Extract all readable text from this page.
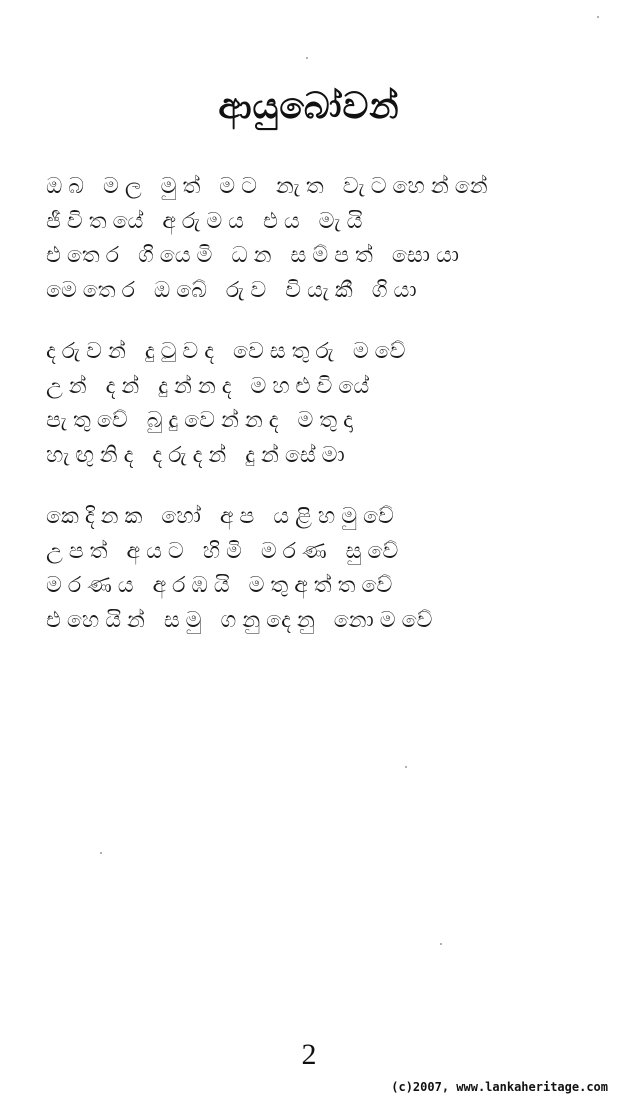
ආයුබෝවන්
ඔබ මල මුත් මට නැත වැටහෙන්නේ
ජීවිතයේ අරුමය එය මැයි
එතෙර ගියෙමි ධන සම්පත් සොයා
මෙතෙර ඔබේ රුව වියැකී ගියා
දරුවන් දුටුවද වෙසතුරු මවේ
උන් දන් දුන්නද මහළුවියේ
පැතුවේ බුදුවෙන්නද මතුදා
හැඟුනිද දරුදන් දුන්සේමා
කෙදිනක හෝ අප යළිහමුවේ
උපත් අයට හිමි මරණ සුවේ
මරණය අරඹයි මතුඅත්තවේ
එහෙයින් සමු ගනුදෙනු නොමවේ
2
(c)2007, www.lankaheritage.com
